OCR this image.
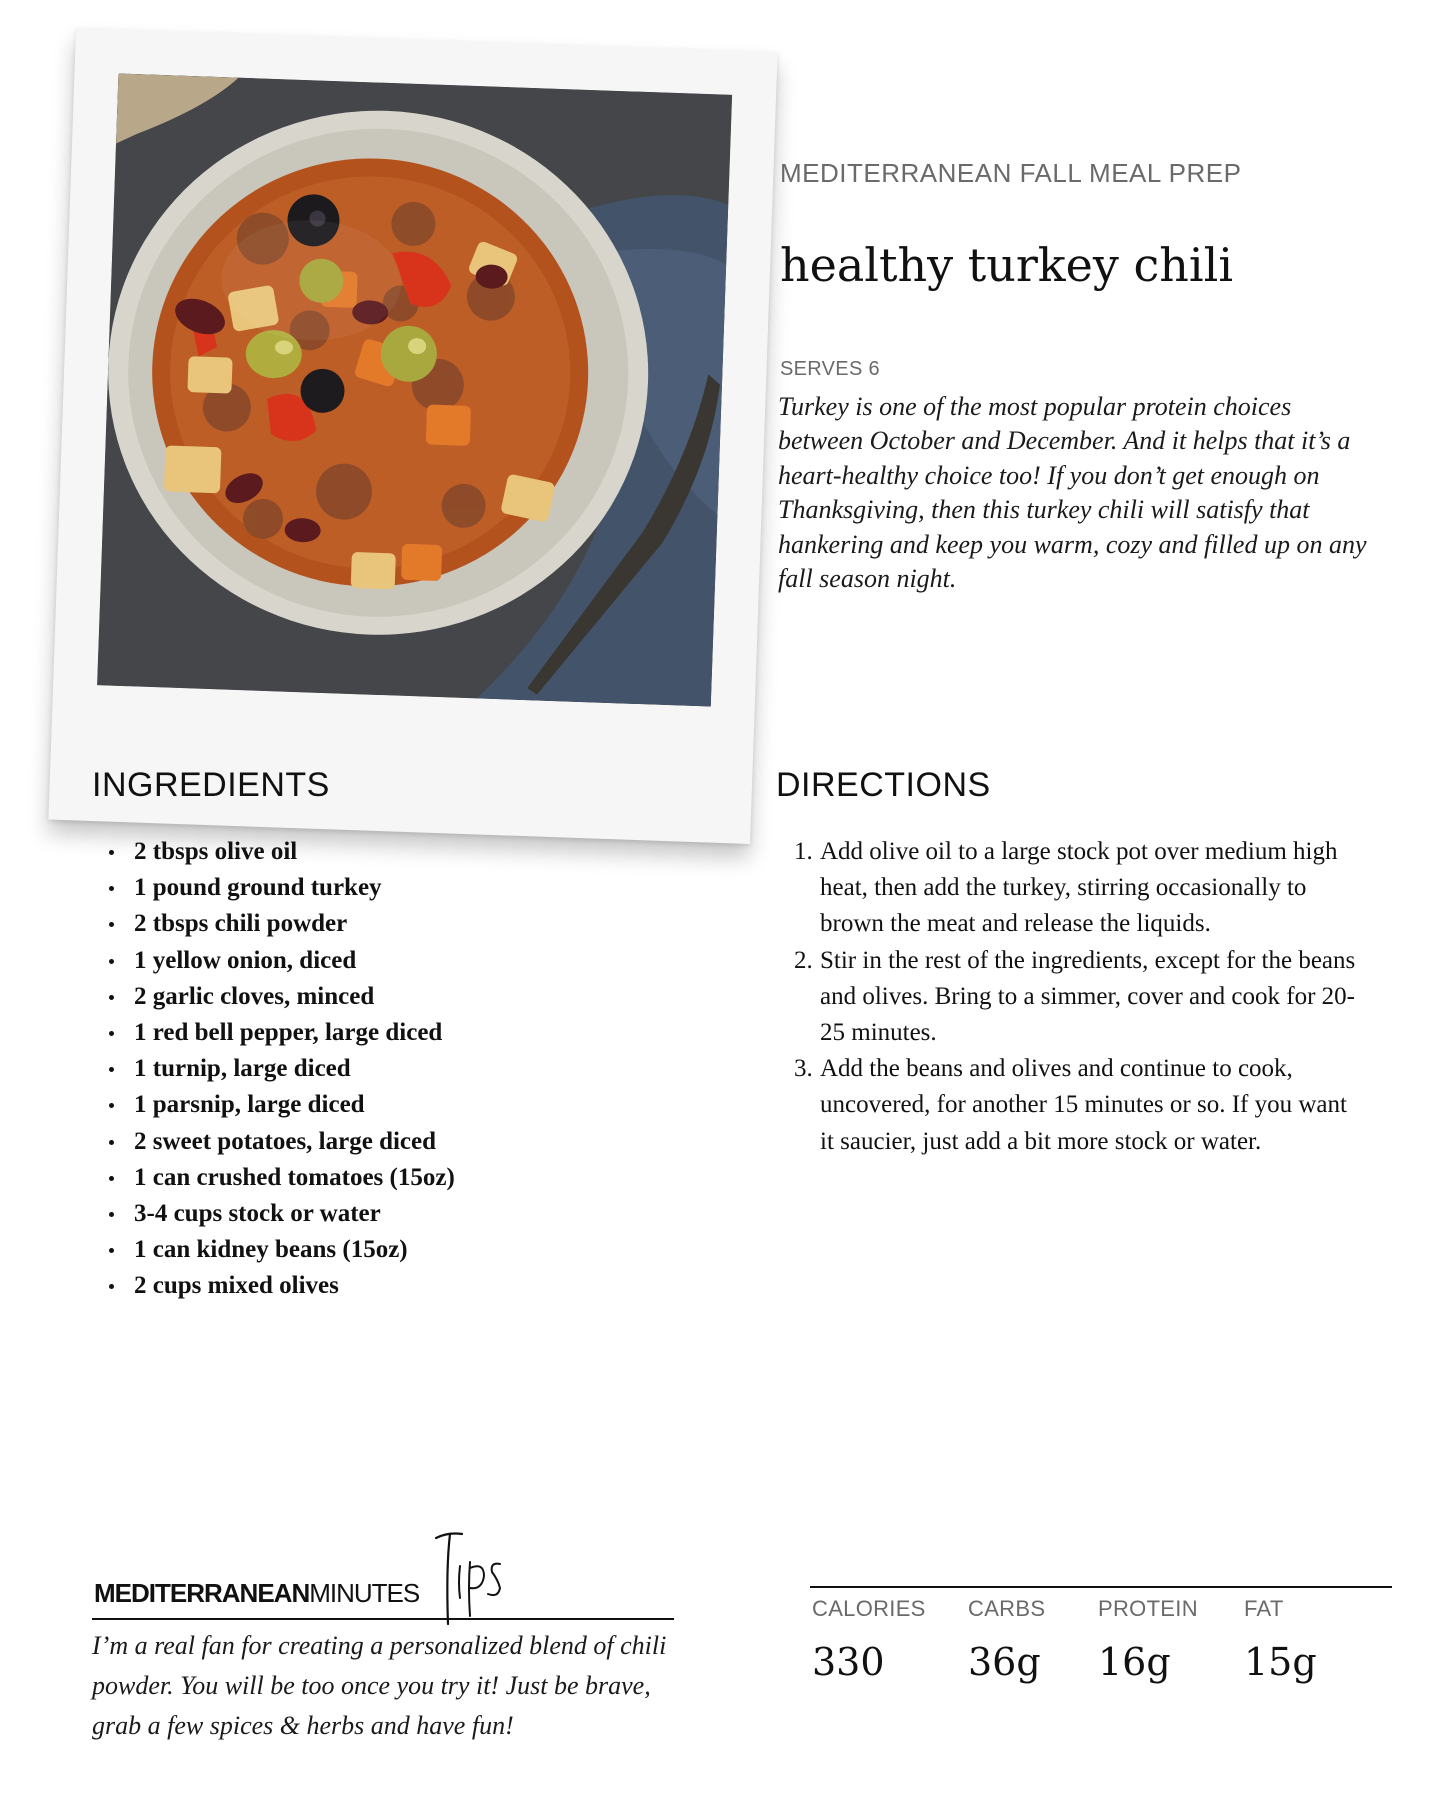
MEDITERRANEAN FALL MEAL PREP
healthy turkey chili
SERVES 6

Turkey is one of the most popular protein choices between October and December. And it helps that it’s a heart-healthy choice too! If you don’t get enough on Thanksgiving, then this turkey chili will satisfy that hankering and keep you warm, cozy and filled up on any fall season night.

INGREDIENTS
2 tbsps olive oil
1 pound ground turkey
2 tbsps chili powder
1 yellow onion, diced
2 garlic cloves, minced
1 red bell pepper, large diced
1 turnip, large diced
1 parsnip, large diced
2 sweet potatoes, large diced
1 can crushed tomatoes (15oz)
3-4 cups stock or water
1 can kidney beans (15oz)
2 cups mixed olives
DIRECTIONS
1. Add olive oil to a large stock pot over medium high heat, then add the turkey, stirring occasionally to brown the meat and release the liquids.
2. Stir in the rest of the ingredients, except for the beans and olives. Bring to a simmer, cover and cook for 20-25 minutes.
3. Add the beans and olives and continue to cook, uncovered, for another 15 minutes or so. If you want it saucier, just add a bit more stock or water.
MEDITERRANEANMINUTES

I’m a real fan for creating a personalized blend of chili powder. You will be too once you try it! Just be brave, grab a few spices & herbs and have fun!

CALORIES
330
CARBS
36g
PROTEIN
16g
FAT
15g
